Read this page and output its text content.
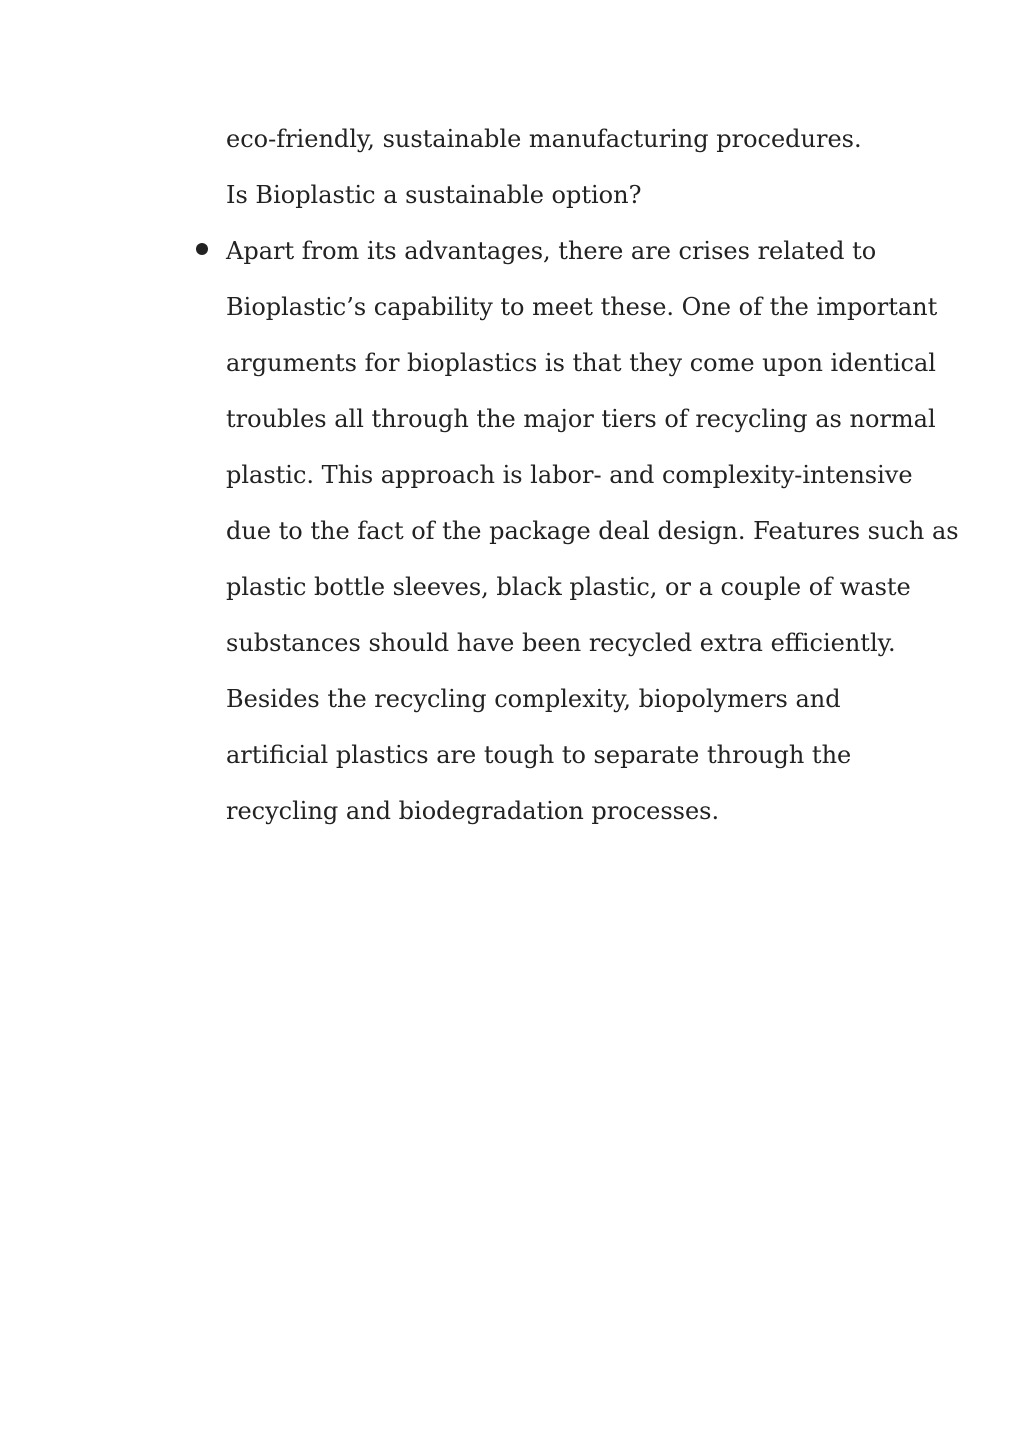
eco-friendly, sustainable manufacturing procedures.
Is Bioplastic a sustainable option?
Apart from its advantages, there are crises related to
Bioplastic’s capability to meet these. One of the important
arguments for bioplastics is that they come upon identical
troubles all through the major tiers of recycling as normal
plastic. This approach is labor- and complexity-intensive
due to the fact of the package deal design. Features such as
plastic bottle sleeves, black plastic, or a couple of waste
substances should have been recycled extra efficiently.
Besides the recycling complexity, biopolymers and
artificial plastics are tough to separate through the
recycling and biodegradation processes.
